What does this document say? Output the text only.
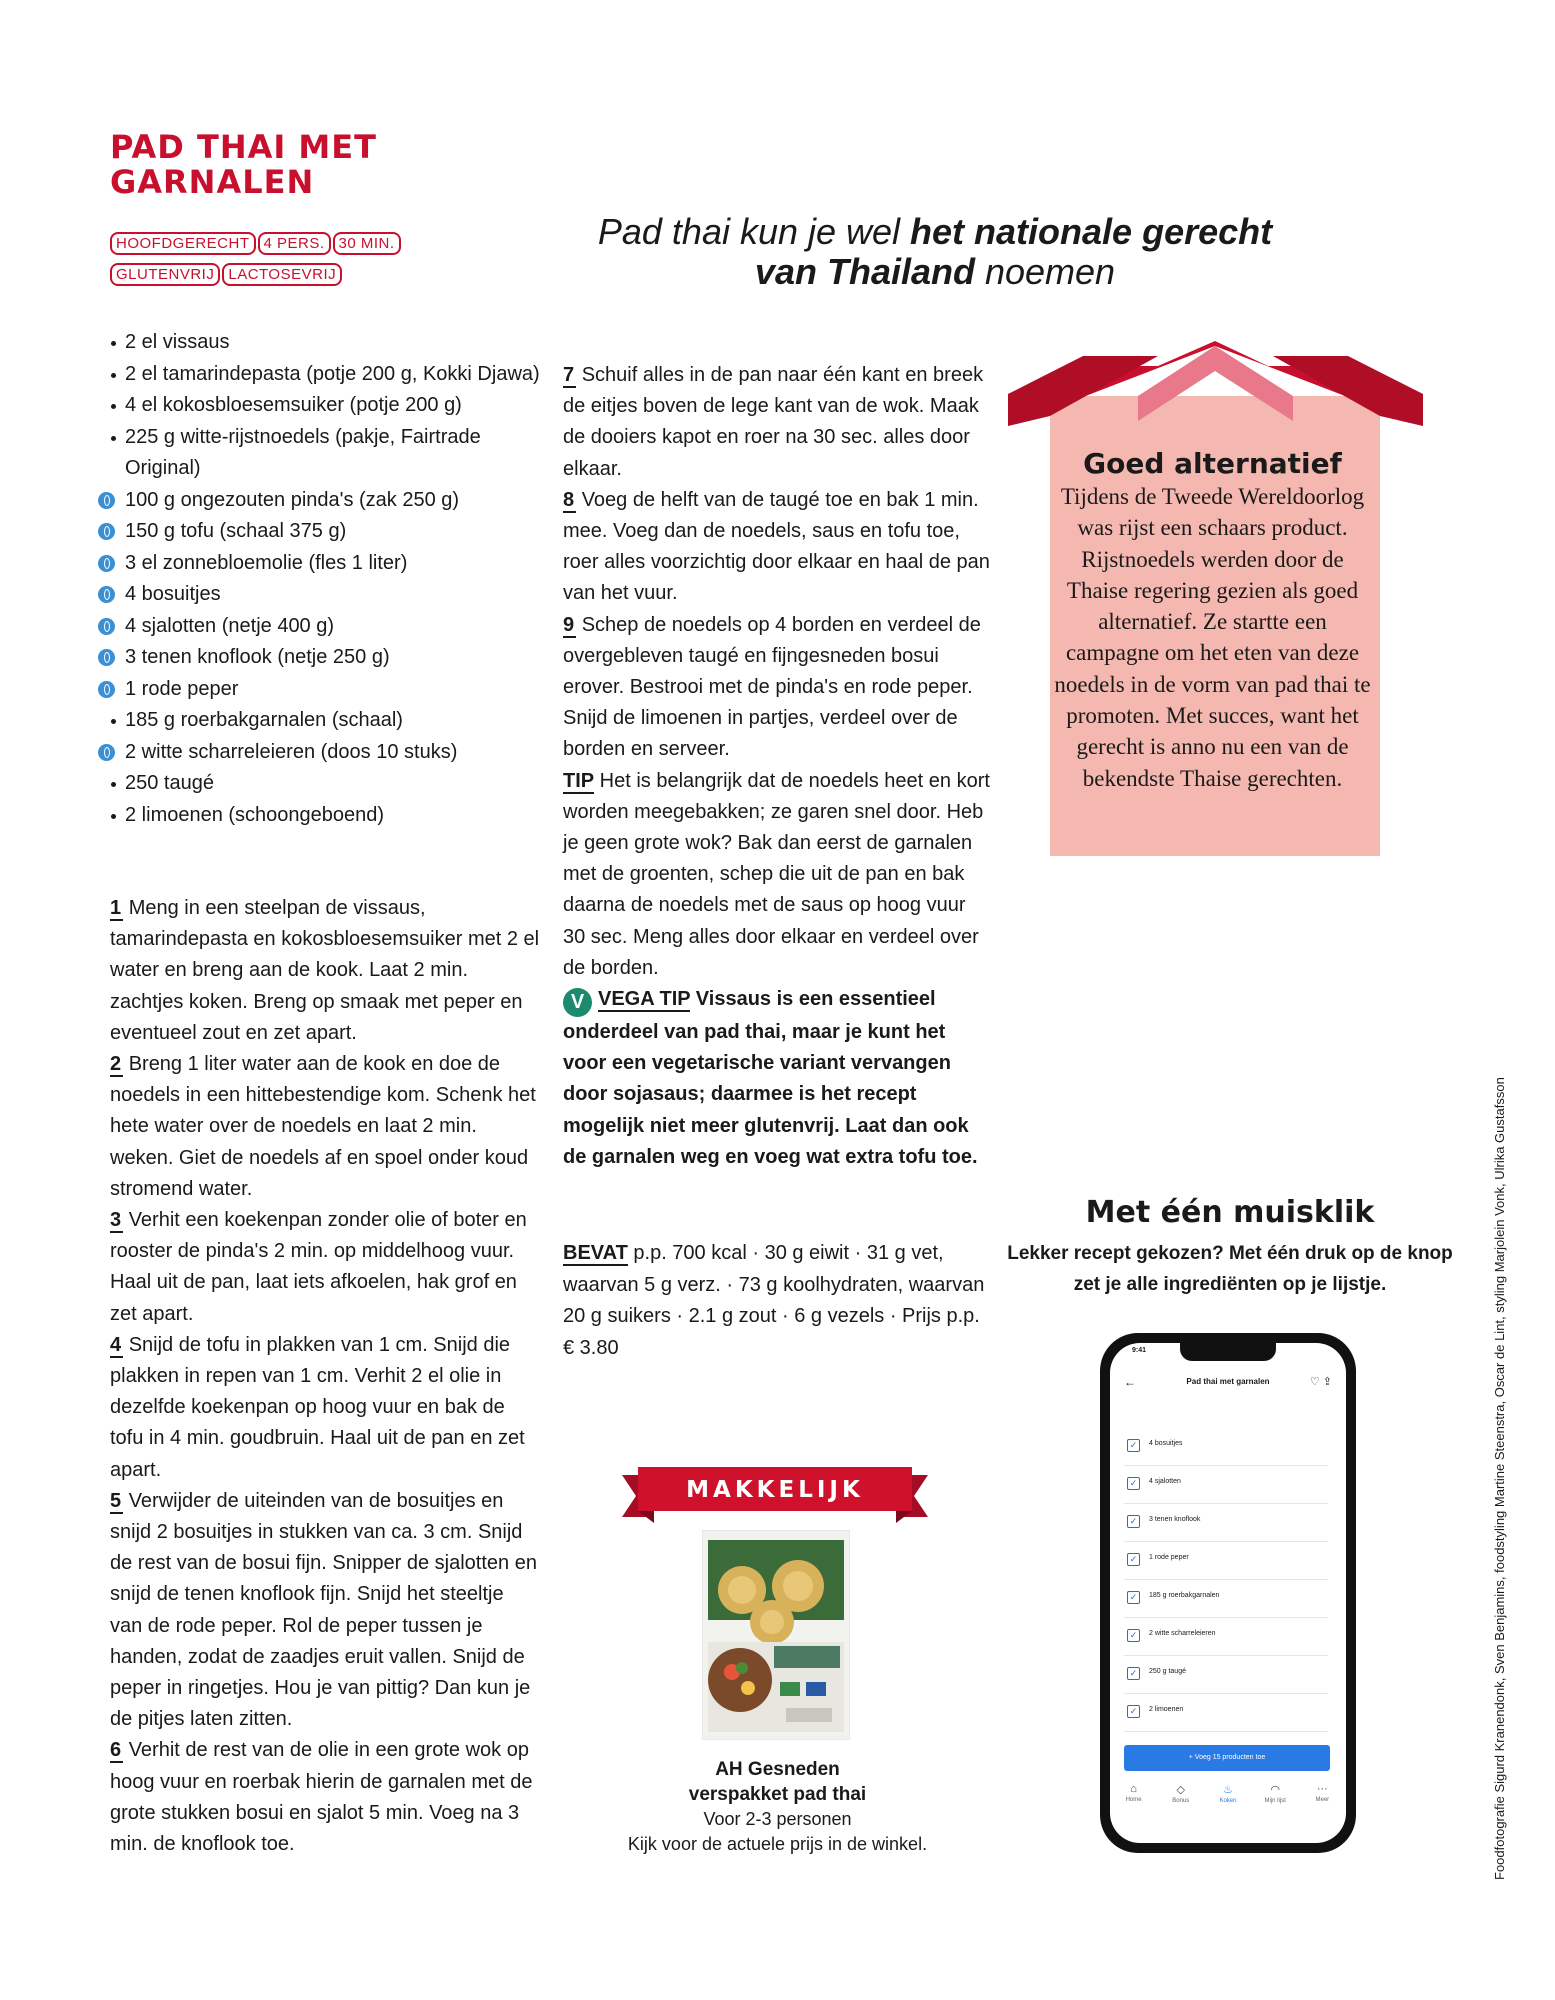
PAD THAI MET
GARNALEN
HOOFDGERECHT 4 PERS. 30 MIN.
GLUTENVRIJ LACTOSEVRIJ
Pad thai kun je wel het nationale gerecht
van Thailand noemen
2 el vissaus
2 el tamarindepasta (potje 200 g, Kokki Djawa)
4 el kokosbloesemsuiker (potje 200 g)
225 g witte-rijstnoedels (pakje, Fairtrade Original)
100 g ongezouten pinda's (zak 250 g)
150 g tofu (schaal 375 g)
3 el zonnebloemolie (fles 1 liter)
4 bosuitjes
4 sjalotten (netje 400 g)
3 tenen knoflook (netje 250 g)
1 rode peper
185 g roerbakgarnalen (schaal)
2 witte scharreleieren (doos 10 stuks)
250 taugé
2 limoenen (schoongeboend)

1 Meng in een steelpan de vissaus, tamarindepasta en kokosbloesemsuiker met 2 el water en breng aan de kook. Laat 2 min. zachtjes koken. Breng op smaak met peper en eventueel zout en zet apart.

2 Breng 1 liter water aan de kook en doe de noedels in een hittebestendige kom. Schenk het hete water over de noedels en laat 2 min. weken. Giet de noedels af en spoel onder koud stromend water.

3 Verhit een koekenpan zonder olie of boter en rooster de pinda's 2 min. op middelhoog vuur. Haal uit de pan, laat iets afkoelen, hak grof en zet apart.

4 Snijd de tofu in plakken van 1 cm. Snijd die plakken in repen van 1 cm. Verhit 2 el olie in dezelfde koekenpan op hoog vuur en bak de tofu in 4 min. goudbruin. Haal uit de pan en zet apart.

5 Verwijder de uiteinden van de bosuitjes en snijd 2 bosuitjes in stukken van ca. 3 cm. Snijd de rest van de bosui fijn. Snipper de sjalotten en snijd de tenen knoflook fijn. Snijd het steeltje van de rode peper. Rol de peper tussen je handen, zodat de zaadjes eruit vallen. Snijd de peper in ringetjes. Hou je van pittig? Dan kun je de pitjes laten zitten.

6 Verhit de rest van de olie in een grote wok op hoog vuur en roerbak hierin de garnalen met de grote stukken bosui en sjalot 5 min. Voeg na 3 min. de knoflook toe.

7 Schuif alles in de pan naar één kant en breek de eitjes boven de lege kant van de wok. Maak de dooiers kapot en roer na 30 sec. alles door elkaar.

8 Voeg de helft van de taugé toe en bak 1 min. mee. Voeg dan de noedels, saus en tofu toe, roer alles voorzichtig door elkaar en haal de pan van het vuur.

9 Schep de noedels op 4 borden en verdeel de overgebleven taugé en fijngesneden bosui erover. Bestrooi met de pinda's en rode peper. Snijd de limoenen in partjes, verdeel over de borden en serveer.

TIP Het is belangrijk dat de noedels heet en kort worden meegebakken; ze garen snel door. Heb je geen grote wok? Bak dan eerst de garnalen met de groenten, schep die uit de pan en bak daarna de noedels met de saus op hoog vuur 30 sec. Meng alles door elkaar en verdeel over de borden.

V VEGA TIP Vissaus is een essentieel onderdeel van pad thai, maar je kunt het voor een vegetarische variant vervangen door sojasaus; daarmee is het recept mogelijk niet meer glutenvrij. Laat dan ook de garnalen weg en voeg wat extra tofu toe.

BEVAT p.p. 700 kcal · 30 g eiwit · 31 g vet, waarvan 5 g verz. · 73 g koolhydraten, waarvan 20 g suikers · 2.1 g zout · 6 g vezels · Prijs p.p. € 3.80
Goed alternatief
Tijdens de Tweede Wereldoorlog was rijst een schaars product. Rijstnoedels werden door de Thaise regering gezien als goed alternatief. Ze startte een campagne om het eten van deze noedels in de vorm van pad thai te promoten. Met succes, want het gerecht is anno nu een van de bekendste Thaise gerechten.
MAKKELIJK
AH Gesneden
verspakket pad thai
Voor 2-3 personen
Kijk voor de actuele prijs in de winkel.
Met één muisklik
Lekker recept gekozen? Met één druk op de knop zet je alle ingrediënten op je lijstje.
9:41
←	Pad thai met garnalen	♡ ⇪
✓	4 bosuitjes
✓	4 sjalotten
✓	3 tenen knoflook
✓	1 rode peper
✓	185 g roerbakgarnalen
✓	2 witte scharreleieren
✓	250 g taugé
✓	2 limoenen
+ Voeg 15 producten toe
⌂
Home
◇
Bonus
♨
Koken
◠
Mijn lijst
···
Meer	Foodfotografie Sigurd Kranendonk, Sven Benjamins, foodstyling Martine Steenstra, Oscar de Lint, styling Marjolein Vonk, Ulrika Gustafsson
